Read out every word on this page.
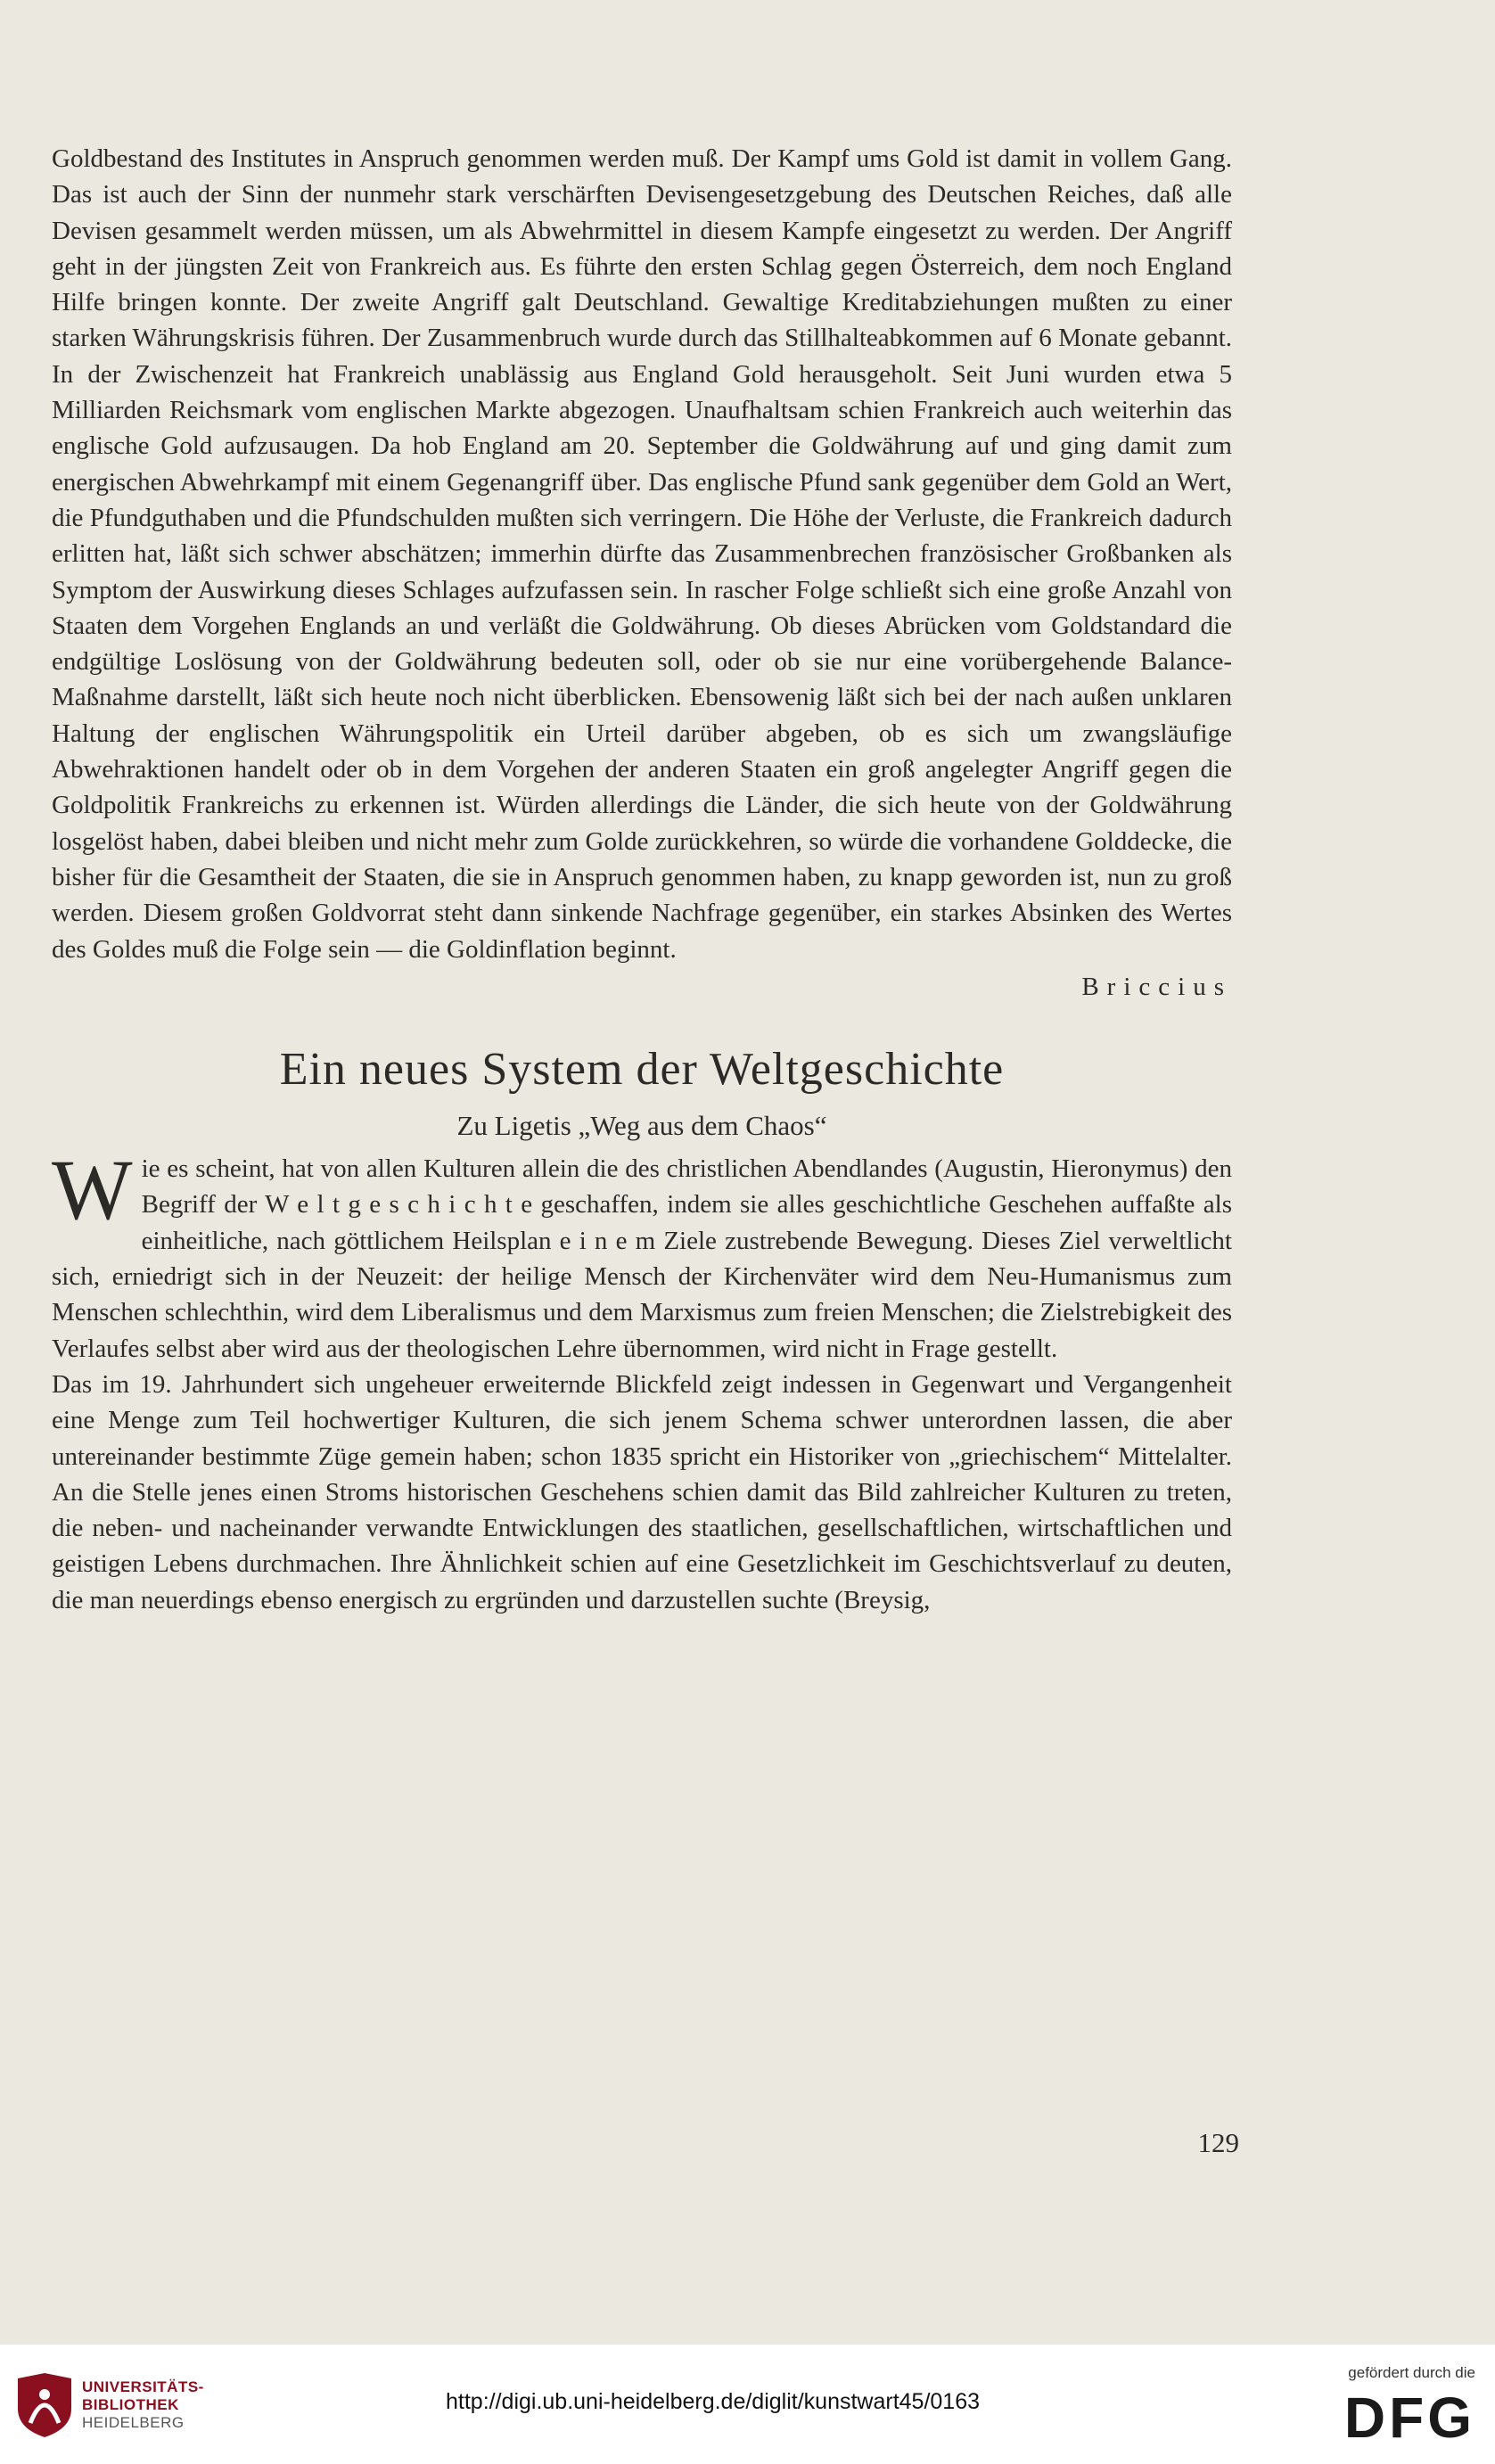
Goldbestand des Institutes in Anspruch genommen werden muß. Der Kampf ums Gold ist damit in vollem Gang. Das ist auch der Sinn der nunmehr stark verschärften Devisengesetzgebung des Deutschen Reiches, daß alle Devisen gesammelt werden müssen, um als Abwehrmittel in diesem Kampfe eingesetzt zu werden. Der Angriff geht in der jüngsten Zeit von Frankreich aus. Es führte den ersten Schlag gegen Österreich, dem noch England Hilfe bringen konnte. Der zweite Angriff galt Deutschland. Gewaltige Kreditabziehungen mußten zu einer starken Währungskrisis führen. Der Zusammenbruch wurde durch das Stillhalteabkommen auf 6 Monate gebannt. In der Zwischenzeit hat Frankreich unablässig aus England Gold herausgeholt. Seit Juni wurden etwa 5 Milliarden Reichsmark vom englischen Markte abgezogen. Unaufhaltsam schien Frankreich auch weiterhin das englische Gold aufzusaugen. Da hob England am 20. September die Goldwährung auf und ging damit zum energischen Abwehrkampf mit einem Gegenangriff über. Das englische Pfund sank gegenüber dem Gold an Wert, die Pfundguthaben und die Pfundschulden mußten sich verringern. Die Höhe der Verluste, die Frankreich dadurch erlitten hat, läßt sich schwer abschätzen; immerhin dürfte das Zusammenbrechen französischer Großbanken als Symptom der Auswirkung dieses Schlages aufzufassen sein. In rascher Folge schließt sich eine große Anzahl von Staaten dem Vorgehen Englands an und verläßt die Goldwährung. Ob dieses Abrücken vom Goldstandard die endgültige Loslösung von der Goldwährung bedeuten soll, oder ob sie nur eine vorübergehende BalanceMaßnahme darstellt, läßt sich heute noch nicht überblicken. Ebensowenig läßt sich bei der nach außen unklaren Haltung der englischen Währungspolitik ein Urteil darüber abgeben, ob es sich um zwangsläufige Abwehraktionen handelt oder ob in dem Vorgehen der anderen Staaten ein groß angelegter Angriff gegen die Goldpolitik Frankreichs zu erkennen ist. Würden allerdings die Länder, die sich heute von der Goldwährung losgelöst haben, dabei bleiben und nicht mehr zum Golde zurückkehren, so würde die vorhandene Golddecke, die bisher für die Gesamtheit der Staaten, die sie in Anspruch genommen haben, zu knapp geworden ist, nun zu groß werden. Diesem großen Goldvorrat steht dann sinkende Nachfrage gegenüber, ein starkes Absinken des Wertes des Goldes muß die Folge sein — die Goldinflation beginnt.

Briccius

Ein neues System der Weltgeschichte

Zu Ligetis „Weg aus dem Chaos“

Wie es scheint, hat von allen Kulturen allein die des christlichen Abendlandes (Augustin, Hieronymus) den Begriff der W e l t g e s c h i c h t e geschaffen, indem sie alles geschichtliche Geschehen auffaßte als einheitliche, nach göttlichem Heilsplan e i n e m Ziele zustrebende Bewegung. Dieses Ziel verweltlicht sich, erniedrigt sich in der Neuzeit: der heilige Mensch der Kirchenväter wird dem Neu-Humanismus zum Menschen schlechthin, wird dem Liberalismus und dem Marxismus zum freien Menschen; die Zielstrebigkeit des Verlaufes selbst aber wird aus der theologischen Lehre übernommen, wird nicht in Frage gestellt.

Das im 19. Jahrhundert sich ungeheuer erweiternde Blickfeld zeigt indessen in Gegenwart und Vergangenheit eine Menge zum Teil hochwertiger Kulturen, die sich jenem Schema schwer unterordnen lassen, die aber untereinander bestimmte Züge gemein haben; schon 1835 spricht ein Historiker von „griechischem“ Mittelalter. An die Stelle jenes einen Stroms historischen Geschehens schien damit das Bild zahlreicher Kulturen zu treten, die neben- und nacheinander verwandte Entwicklungen des staatlichen, gesellschaftlichen, wirtschaftlichen und geistigen Lebens durchmachen. Ihre Ähnlichkeit schien auf eine Gesetzlichkeit im Geschichtsverlauf zu deuten, die man neuerdings ebenso energisch zu ergründen und darzustellen suchte (Breysig,

129
UNIVERSITÄTS-
BIBLIOTHEK
HEIDELBERG
http://digi.ub.uni-heidelberg.de/diglit/kunstwart45/0163
gefördert durch die
DFG
